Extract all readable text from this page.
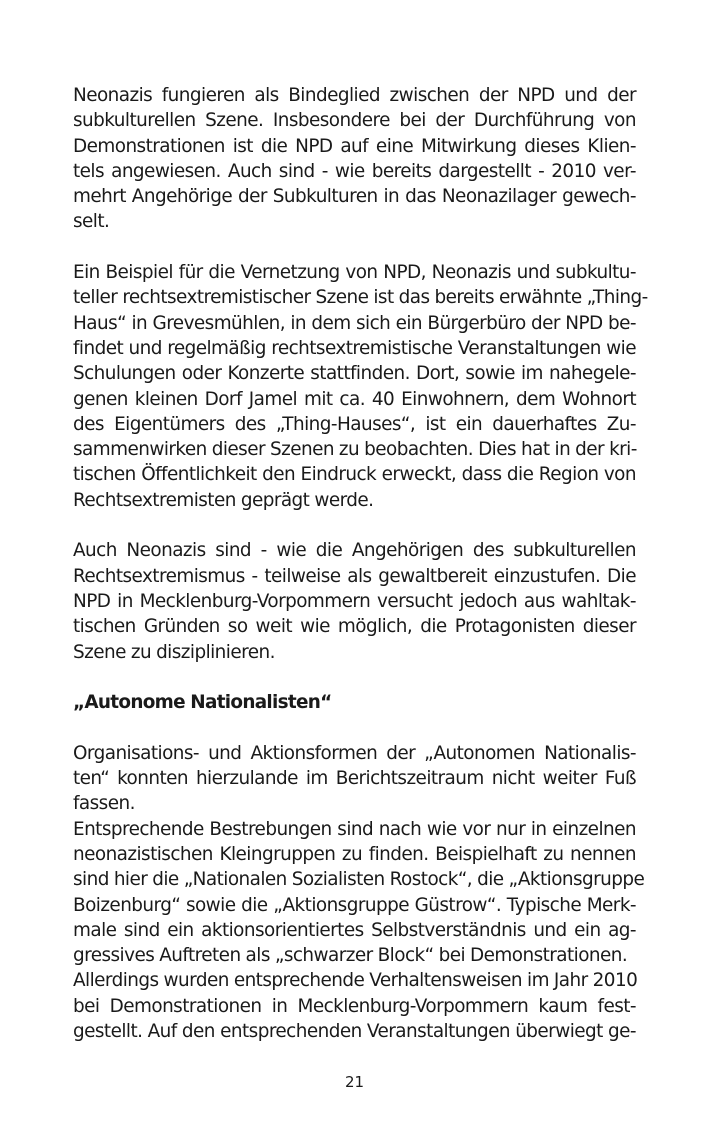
Neonazis fungieren als Bindeglied zwischen der NPD und der
subkulturellen Szene. Insbesondere bei der Durchführung von
Demonstrationen ist die NPD auf eine Mitwirkung dieses Klien-
tels angewiesen. Auch sind - wie bereits dargestellt - 2010 ver-
mehrt Angehörige der Subkulturen in das Neonazilager gewech-
selt.
Ein Beispiel für die Vernetzung von NPD, Neonazis und subkultu-
teller rechtsextremistischer Szene ist das bereits erwähnte „Thing-
Haus“ in Grevesmühlen, in dem sich ein Bürgerbüro der NPD be-
findet und regelmäßig rechtsextremistische Veranstaltungen wie
Schulungen oder Konzerte stattfinden. Dort, sowie im nahegele-
genen kleinen Dorf Jamel mit ca. 40 Einwohnern, dem Wohnort
des Eigentümers des „Thing-Hauses“, ist ein dauerhaftes Zu-
sammenwirken dieser Szenen zu beobachten. Dies hat in der kri-
tischen Öffentlichkeit den Eindruck erweckt, dass die Region von
Rechtsextremisten geprägt werde.
Auch Neonazis sind - wie die Angehörigen des subkulturellen
Rechtsextremismus - teilweise als gewaltbereit einzustufen. Die
NPD in Mecklenburg-Vorpommern versucht jedoch aus wahltak-
tischen Gründen so weit wie möglich, die Protagonisten dieser
Szene zu disziplinieren.
„Autonome Nationalisten“
Organisations- und Aktionsformen der „Autonomen Nationalis-
ten“ konnten hierzulande im Berichtszeitraum nicht weiter Fuß
fassen.
Entsprechende Bestrebungen sind nach wie vor nur in einzelnen
neonazistischen Kleingruppen zu finden. Beispielhaft zu nennen
sind hier die „Nationalen Sozialisten Rostock“, die „Aktionsgruppe
Boizenburg“ sowie die „Aktionsgruppe Güstrow“. Typische Merk-
male sind ein aktionsorientiertes Selbstverständnis und ein ag-
gressives Auftreten als „schwarzer Block“ bei Demonstrationen.
Allerdings wurden entsprechende Verhaltensweisen im Jahr 2010
bei Demonstrationen in Mecklenburg-Vorpommern kaum fest-
gestellt. Auf den entsprechenden Veranstaltungen überwiegt ge-
21
